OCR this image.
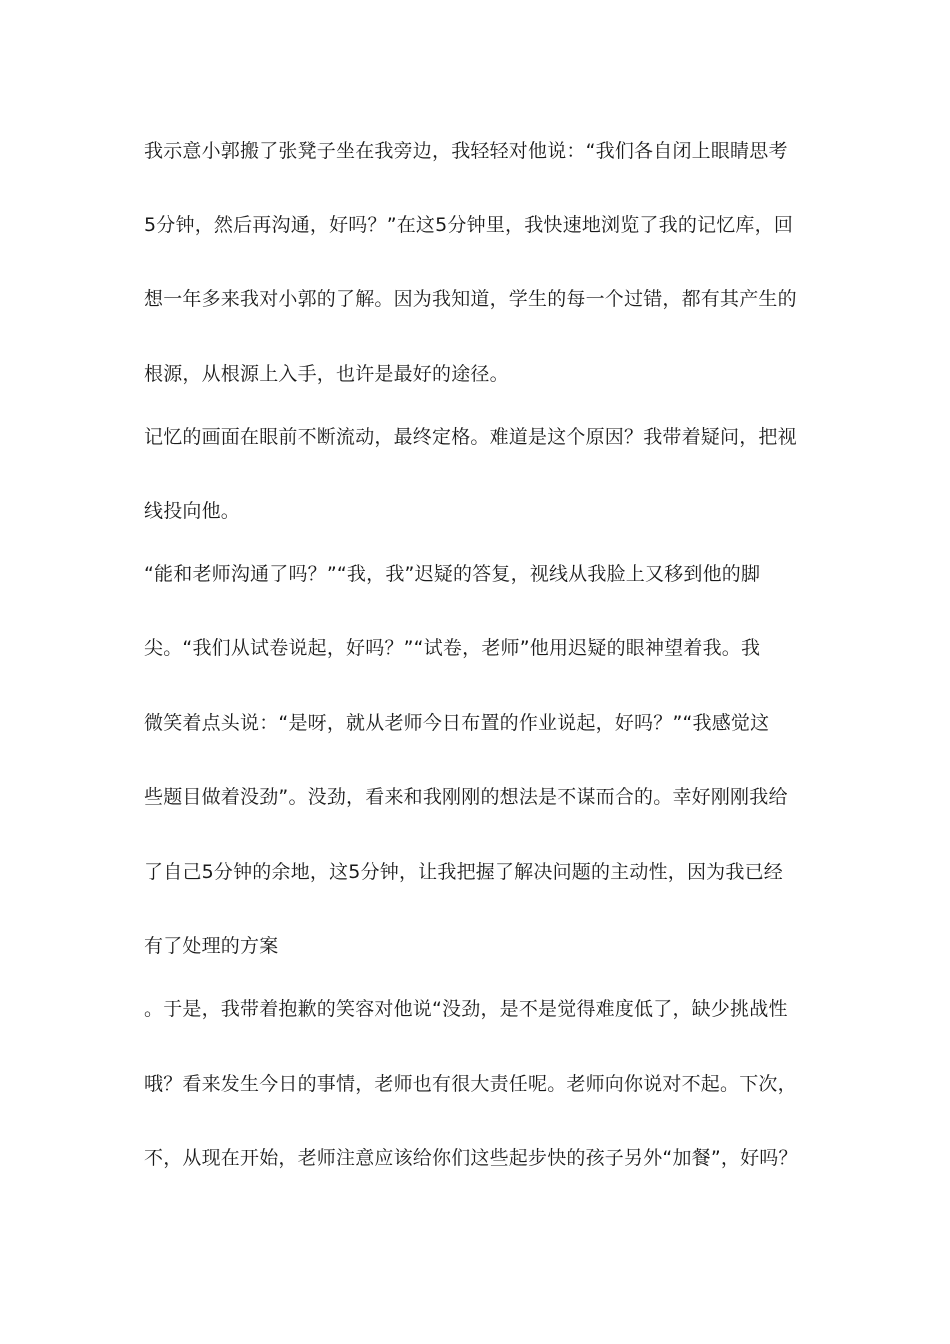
我示意小郭搬了张凳子坐在我旁边，我轻轻对他说：“我们各自闭上眼睛思考
5分钟，然后再沟通，好吗？”在这5分钟里，我快速地浏览了我的记忆库，回
想一年多来我对小郭的了解。因为我知道，学生的每一个过错，都有其产生的
根源，从根源上入手，也许是最好的途径。
记忆的画面在眼前不断流动，最终定格。难道是这个原因？我带着疑问，把视
线投向他。
“能和老师沟通了吗？”“我，我”迟疑的答复，视线从我脸上又移到他的脚
尖。“我们从试卷说起，好吗？”“试卷，老师”他用迟疑的眼神望着我。我
微笑着点头说：“是呀，就从老师今日布置的作业说起，好吗？”“我感觉这
些题目做着没劲”。没劲，看来和我刚刚的想法是不谋而合的。幸好刚刚我给
了自己5分钟的余地，这5分钟，让我把握了解决问题的主动性，因为我已经
有了处理的方案
。于是，我带着抱歉的笑容对他说“没劲，是不是觉得难度低了，缺少挑战性
哦？看来发生今日的事情，老师也有很大责任呢。老师向你说对不起。下次，
不，从现在开始，老师注意应该给你们这些起步快的孩子另外“加餐”，好吗？
